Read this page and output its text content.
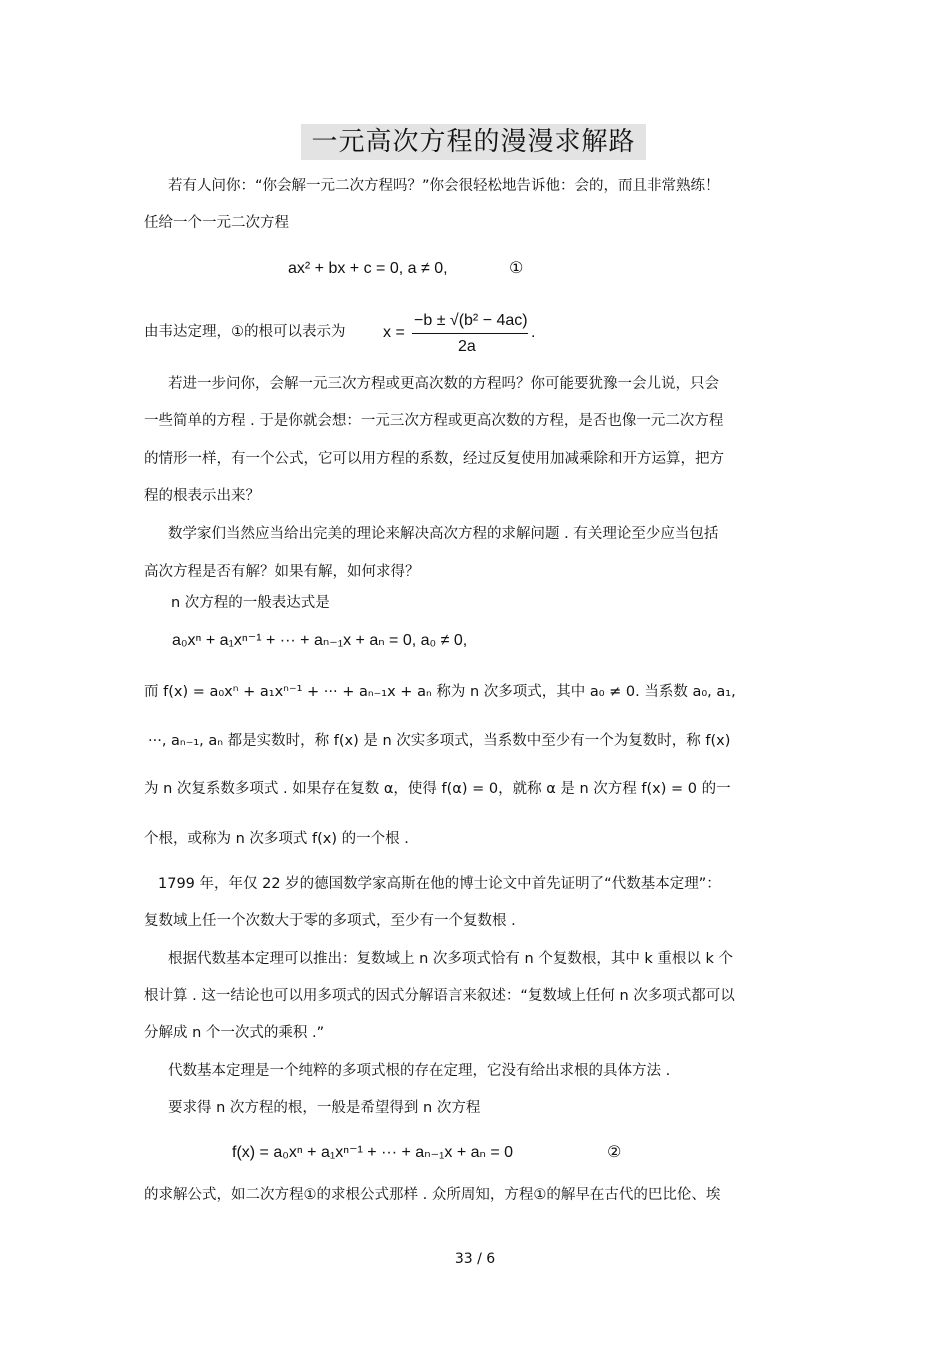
一元高次方程的漫漫求解路
若有人问你：“你会解一元二次方程吗？”你会很轻松地告诉他：会的，而且非常熟练！
任给一个一元二次方程
ax² + bx + c = 0, a ≠ 0,	①
由韦达定理，①的根可以表示为 x =
−b ± √(b² − 4ac)
2a
.
若进一步问你，会解一元三次方程或更高次数的方程吗？你可能要犹豫一会儿说，只会
一些简单的方程 . 于是你就会想：一元三次方程或更高次数的方程，是否也像一元二次方程
的情形一样，有一个公式，它可以用方程的系数，经过反复使用加减乘除和开方运算，把方
程的根表示出来？
数学家们当然应当给出完美的理论来解决高次方程的求解问题 . 有关理论至少应当包括
高次方程是否有解？如果有解，如何求得？
n 次方程的一般表达式是
a₀xⁿ + a₁xⁿ⁻¹ + ··· + aₙ₋₁x + aₙ = 0, a₀ ≠ 0,
而 f(x) = a₀xⁿ + a₁xⁿ⁻¹ + ··· + aₙ₋₁x + aₙ 称为 n 次多项式，其中 a₀ ≠ 0. 当系数 a₀, a₁,
···, aₙ₋₁, aₙ 都是实数时，称 f(x) 是 n 次实多项式，当系数中至少有一个为复数时，称 f(x)
为 n 次复系数多项式 . 如果存在复数 α，使得 f(α) = 0，就称 α 是 n 次方程 f(x) = 0 的一
个根，或称为 n 次多项式 f(x) 的一个根 .
1799 年，年仅 22 岁的德国数学家高斯在他的博士论文中首先证明了“代数基本定理”：
复数域上任一个次数大于零的多项式，至少有一个复数根 .
根据代数基本定理可以推出：复数域上 n 次多项式恰有 n 个复数根，其中 k 重根以 k 个
根计算 . 这一结论也可以用多项式的因式分解语言来叙述：“复数域上任何 n 次多项式都可以
分解成 n 个一次式的乘积 .”
代数基本定理是一个纯粹的多项式根的存在定理，它没有给出求根的具体方法 .
要求得 n 次方程的根，一般是希望得到 n 次方程
f(x) = a₀xⁿ + a₁xⁿ⁻¹ + ··· + aₙ₋₁x + aₙ = 0	②
的求解公式，如二次方程①的求根公式那样 . 众所周知，方程①的解早在古代的巴比伦、埃
33 / 6
